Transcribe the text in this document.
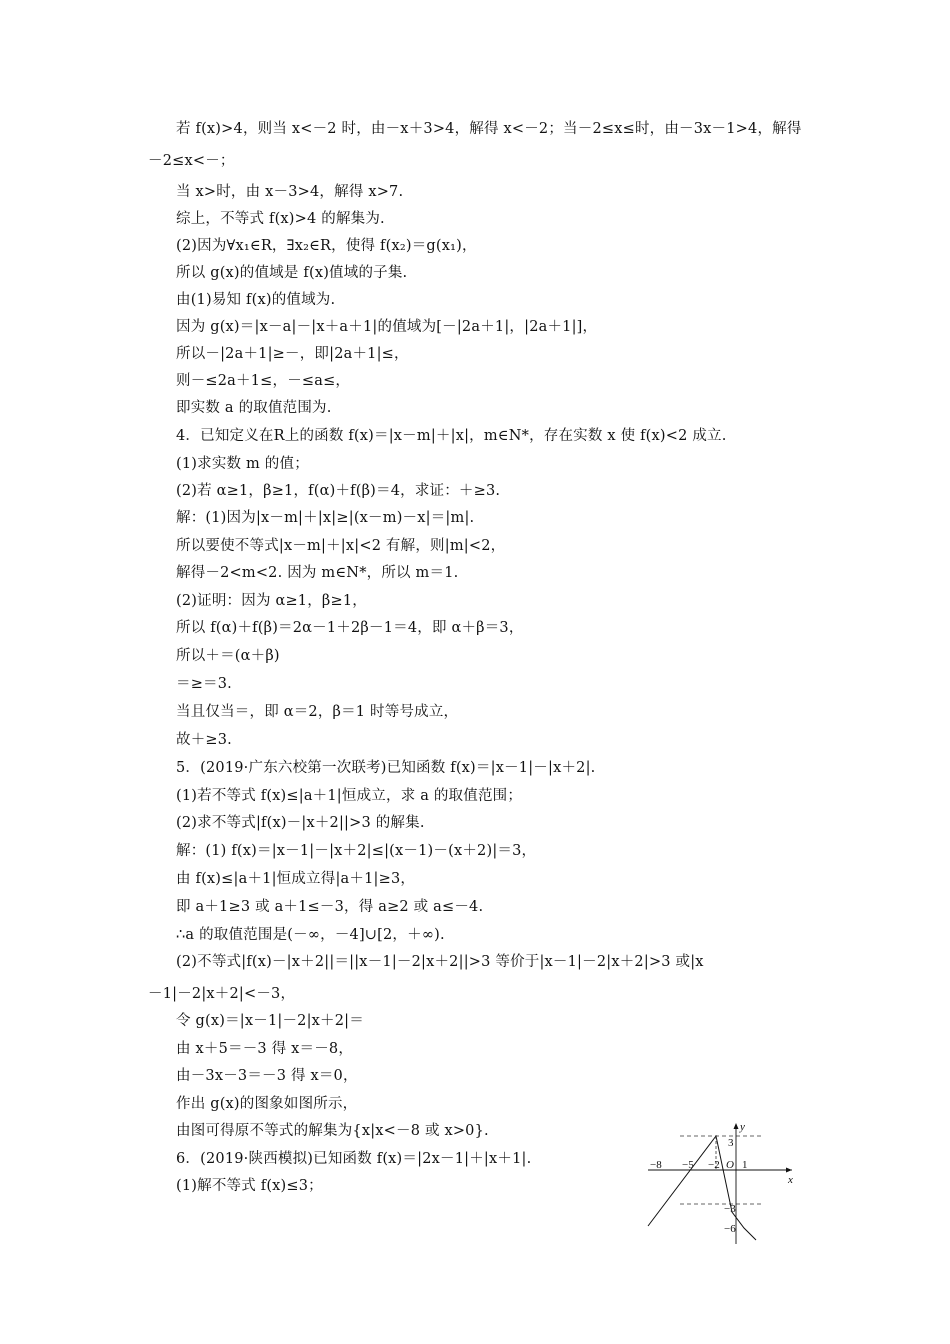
若 f(x)>4，则当 x<－2 时，由－x＋3>4，解得 x<－2；当－2≤x≤时，由－3x－1>4，解得
－2≤x<－；
当 x>时，由 x－3>4，解得 x>7.
综上，不等式 f(x)>4 的解集为.
(2)因为∀x₁∈R，∃x₂∈R，使得 f(x₂)＝g(x₁)，
所以 g(x)的值域是 f(x)值域的子集.
由(1)易知 f(x)的值域为.
因为 g(x)＝|x－a|－|x＋a＋1|的值域为[－|2a＋1|，|2a＋1|]，
所以－|2a＋1|≥－，即|2a＋1|≤，
则－≤2a＋1≤，－≤a≤，
即实数 a 的取值范围为.
4．已知定义在R上的函数 f(x)＝|x－m|＋|x|，m∈N*，存在实数 x 使 f(x)<2 成立.
(1)求实数 m 的值；
(2)若 α≥1，β≥1，f(α)＋f(β)＝4，求证：＋≥3.
解：(1)因为|x－m|＋|x|≥|(x－m)－x|＝|m|.
所以要使不等式|x－m|＋|x|<2 有解，则|m|<2，
解得－2<m<2. 因为 m∈N*，所以 m＝1.
(2)证明：因为 α≥1，β≥1，
所以 f(α)＋f(β)＝2α－1＋2β－1＝4，即 α＋β＝3，
所以＋＝(α＋β)
＝≥＝3.
当且仅当＝，即 α＝2，β＝1 时等号成立，
故＋≥3.
5．(2019·广东六校第一次联考)已知函数 f(x)＝|x－1|－|x＋2|.
(1)若不等式 f(x)≤|a＋1|恒成立，求 a 的取值范围；
(2)求不等式|f(x)－|x＋2||>3 的解集.
解：(1) f(x)＝|x－1|－|x＋2|≤|(x－1)－(x＋2)|＝3，
由 f(x)≤|a＋1|恒成立得|a＋1|≥3，
即 a＋1≥3 或 a＋1≤－3，得 a≥2 或 a≤－4.
∴a 的取值范围是(－∞，－4]∪[2，＋∞).
(2)不等式|f(x)－|x＋2||＝||x－1|－2|x＋2||>3 等价于|x－1|－2|x＋2|>3 或|x
－1|－2|x＋2|<－3，
令 g(x)＝|x－1|－2|x＋2|＝
由 x＋5＝－3 得 x＝－8，
由－3x－3＝－3 得 x＝0，
作出 g(x)的图象如图所示，
由图可得原不等式的解集为{x|x<－8 或 x>0}.
6．(2019·陕西模拟)已知函数 f(x)＝|2x－1|＋|x＋1|.
(1)解不等式 f(x)≤3；	x
y
O
−8 −5 −2 1
3
−3
−6
